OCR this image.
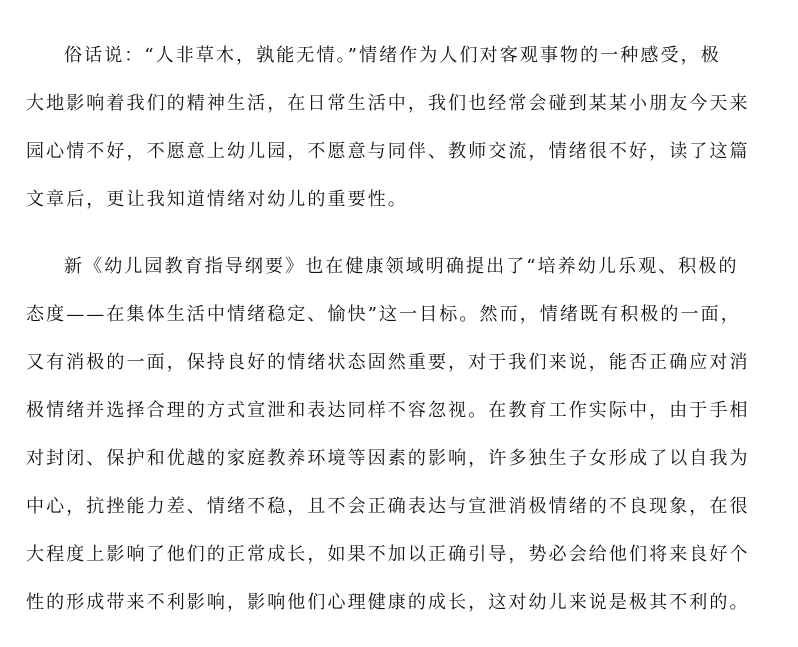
俗话说：“人非草木，孰能无情。”情绪作为人们对客观事物的一种感受，极
大地影响着我们的精神生活，在日常生活中，我们也经常会碰到某某小朋友今天来
园心情不好，不愿意上幼儿园，不愿意与同伴、教师交流，情绪很不好，读了这篇
文章后，更让我知道情绪对幼儿的重要性。
新《幼儿园教育指导纲要》也在健康领域明确提出了“培养幼儿乐观、积极的
态度——在集体生活中情绪稳定、愉快”这一目标。然而，情绪既有积极的一面，
又有消极的一面，保持良好的情绪状态固然重要，对于我们来说，能否正确应对消
极情绪并选择合理的方式宣泄和表达同样不容忽视。在教育工作实际中，由于手相
对封闭、保护和优越的家庭教养环境等因素的影响，许多独生子女形成了以自我为
中心，抗挫能力差、情绪不稳，且不会正确表达与宣泄消极情绪的不良现象，在很
大程度上影响了他们的正常成长，如果不加以正确引导，势必会给他们将来良好个
性的形成带来不利影响，影响他们心理健康的成长，这对幼儿来说是极其不利的。
